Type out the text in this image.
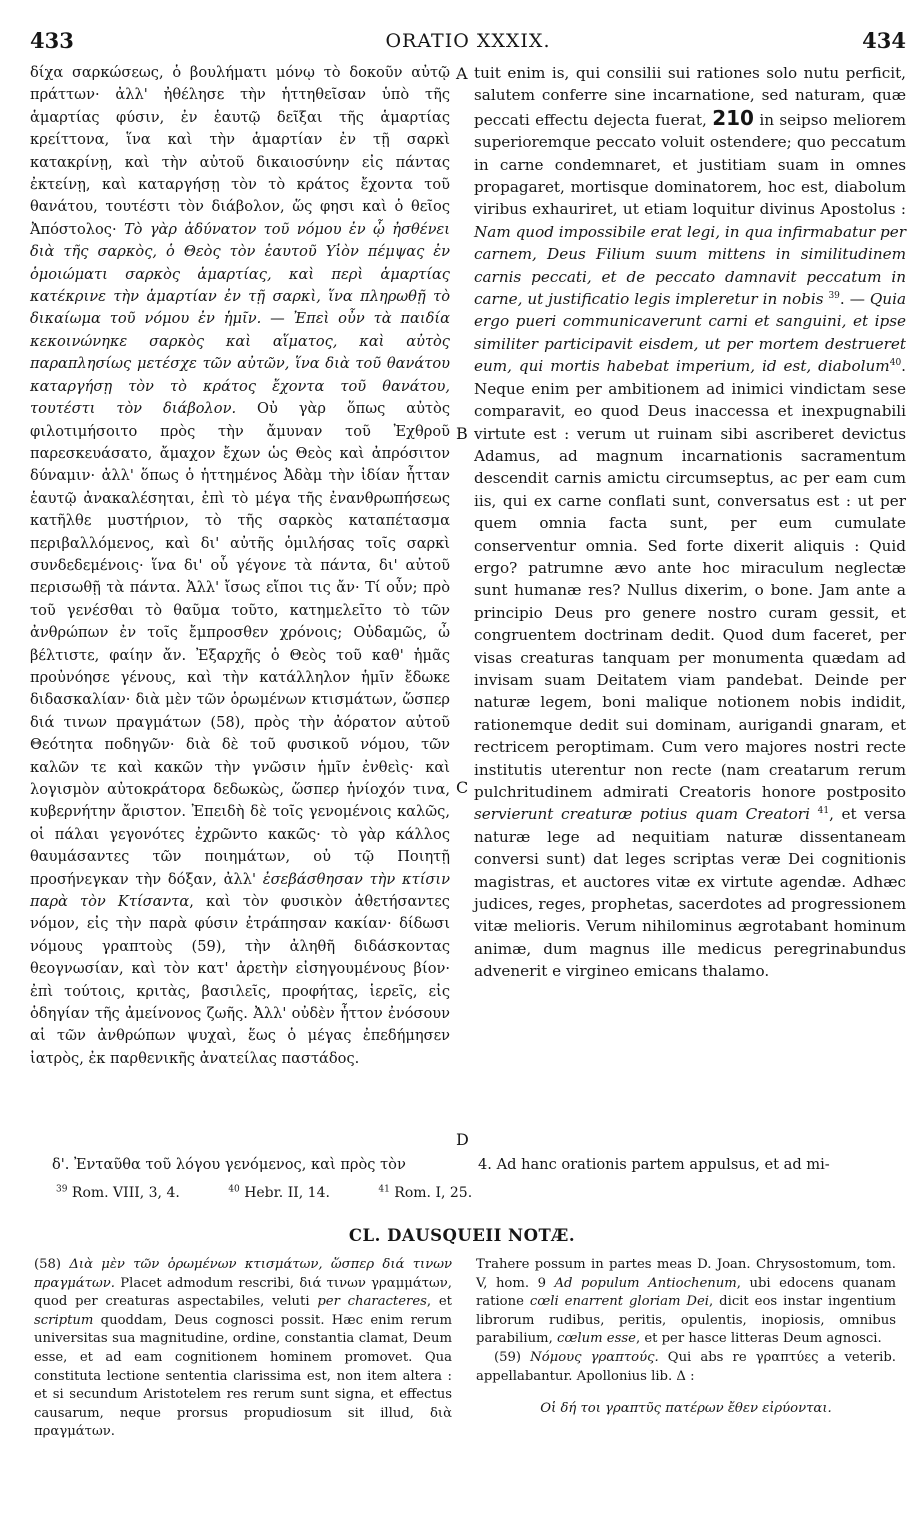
433	ORATIO XXXIX.	434

δίχα σαρκώσεως, ὁ βουλήματι μόνῳ τὸ δοκοῦν αὐτῷ πράττων· ἀλλ' ἠθέλησε τὴν ἡττηθεῖσαν ὑπὸ τῆς ἁμαρτίας φύσιν, ἐν ἑαυτῷ δεῖξαι τῆς ἁμαρτίας κρείττονα, ἵνα καὶ τὴν ἁμαρτίαν ἐν τῇ σαρκὶ κατακρίνῃ, καὶ τὴν αὐτοῦ δικαιοσύνην εἰς πάντας ἐκτείνῃ, καὶ καταργήσῃ τὸν τὸ κράτος ἔχοντα τοῦ θανάτου, τουτέστι τὸν διάβολον, ὥς φησι καὶ ὁ θεῖος Ἀπόστολος· Τὸ γὰρ ἀδύνατον τοῦ νόμου ἐν ᾧ ἠσθένει διὰ τῆς σαρκὸς, ὁ Θεὸς τὸν ἑαυτοῦ Υἱὸν πέμψας ἐν ὁμοιώματι σαρκὸς ἁμαρτίας, καὶ περὶ ἁμαρτίας κατέκρινε τὴν ἁμαρτίαν ἐν τῇ σαρκὶ, ἵνα πληρωθῇ τὸ δικαίωμα τοῦ νόμου ἐν ἡμῖν. — Ἐπεὶ οὖν τὰ παιδία κεκοινώνηκε σαρκὸς καὶ αἵματος, καὶ αὐτὸς παραπλησίως μετέσχε τῶν αὐτῶν, ἵνα διὰ τοῦ θανάτου καταργήσῃ τὸν τὸ κράτος ἔχοντα τοῦ θανάτου, τουτέστι τὸν διάβολον. Οὐ γὰρ ὅπως αὐτὸς φιλοτιμήσοιτο πρὸς τὴν ἄμυναν τοῦ Ἐχθροῦ παρεσκευάσατο, ἄμαχον ἔχων ὡς Θεὸς καὶ ἀπρόσιτον δύναμιν· ἀλλ' ὅπως ὁ ἡττημένος Ἀδὰμ τὴν ἰδίαν ἧτταν ἑαυτῷ ἀνακαλέσηται, ἐπὶ τὸ μέγα τῆς ἐνανθρωπήσεως κατῆλθε μυστήριον, τὸ τῆς σαρκὸς καταπέτασμα περιβαλλόμενος, καὶ δι' αὐτῆς ὁμιλήσας τοῖς σαρκὶ συνδεδεμένοις· ἵνα δι' οὗ γέγονε τὰ πάντα, δι' αὐτοῦ περισωθῇ τὰ πάντα. Ἀλλ' ἴσως εἴποι τις ἄν· Τί οὖν; πρὸ τοῦ γενέσθαι τὸ θαῦμα τοῦτο, κατημελεῖτο τὸ τῶν ἀνθρώπων ἐν τοῖς ἔμπροσθεν χρόνοις; Οὐδαμῶς, ὦ βέλτιστε, φαίην ἄν. Ἐξαρχῆς ὁ Θεὸς τοῦ καθ' ἡμᾶς προὐνόησε γένους, καὶ τὴν κατάλληλον ἡμῖν ἔδωκε διδασκαλίαν· διὰ μὲν τῶν ὁρωμένων κτισμάτων, ὥσπερ διά τινων πραγμάτων (58), πρὸς τὴν ἀόρατον αὐτοῦ Θεότητα ποδηγῶν· διὰ δὲ τοῦ φυσικοῦ νόμου, τῶν καλῶν τε καὶ κακῶν τὴν γνῶσιν ἡμῖν ἐνθεὶς· καὶ λογισμὸν αὐτοκράτορα δεδωκὼς, ὥσπερ ἡνίοχόν τινα, κυβερνήτην ἄριστον. Ἐπειδὴ δὲ τοῖς γενομένοις καλῶς, οἱ πάλαι γεγονότες ἐχρῶντο κακῶς· τὸ γὰρ κάλλος θαυμάσαντες τῶν ποιημάτων, οὐ τῷ Ποιητῇ προσήνεγκαν τὴν δόξαν, ἀλλ' ἐσεβάσθησαν τὴν κτίσιν παρὰ τὸν Κτίσαντα, καὶ τὸν φυσικὸν ἀθετήσαντες νόμον, εἰς τὴν παρὰ φύσιν ἐτράπησαν κακίαν· δίδωσι νόμους γραπτοὺς (59), τὴν ἀληθῆ διδάσκοντας θεογνωσίαν, καὶ τὸν κατ' ἀρετὴν εἰσηγουμένους βίον· ἐπὶ τούτοις, κριτὰς, βασιλεῖς, προφήτας, ἱερεῖς, εἰς ὁδηγίαν τῆς ἀμείνονος ζωῆς. Ἀλλ' οὐδὲν ἧττον ἐνόσουν αἱ τῶν ἀνθρώπων ψυχαὶ, ἕως ὁ μέγας ἐπεδήμησεν ἰατρὸς, ἐκ παρθενικῆς ἀνατείλας παστάδος.

δ'. Ἐνταῦθα τοῦ λόγου γενόμενος, καὶ πρὸς τὸν

tuit enim is, qui consilii sui rationes solo nutu perficit, salutem conferre sine incarnatione, sed naturam, quæ peccati effectu dejecta fuerat, 210 in seipso meliorem superioremque peccato voluit ostendere; quo peccatum in carne condemnaret, et justitiam suam in omnes propagaret, mortisque dominatorem, hoc est, diabolum viribus exhauriret, ut etiam loquitur divinus Apostolus : Nam quod impossibile erat legi, in qua infirmabatur per carnem, Deus Filium suum mittens in similitudinem carnis peccati, et de peccato damnavit peccatum in carne, ut justificatio legis impleretur in nobis $^{39}$. — Quia ergo pueri communicaverunt carni et sanguini, et ipse similiter participavit eisdem, ut per mortem destrueret eum, qui mortis habebat imperium, id est, diabolum$^{40}$. Neque enim per ambitionem ad inimici vindictam sese comparavit, eo quod Deus inaccessa et inexpugnabili virtute est : verum ut ruinam sibi ascriberet devictus Adamus, ad magnum incarnationis sacramentum descendit carnis amictu circumseptus, ac per eam cum iis, qui ex carne conflati sunt, conversatus est : ut per quem omnia facta sunt, per eum cumulate conserventur omnia. Sed forte dixerit aliquis : Quid ergo? patrumne ævo ante hoc miraculum neglectæ sunt humanæ res? Nullus dixerim, o bone. Jam ante a principio Deus pro genere nostro curam gessit, et congruentem doctrinam dedit. Quod dum faceret, per visas creaturas tanquam per monumenta quædam ad invisam suam Deitatem viam pandebat. Deinde per naturæ legem, boni malique notionem nobis indidit, rationemque dedit sui dominam, aurigandi gnaram, et rectricem peroptimam. Cum vero majores nostri recte institutis uterentur non recte (nam creatarum rerum pulchritudinem admirati Creatoris honore postposito servierunt creaturæ potius quam Creatori $^{41}$, et versa naturæ lege ad nequitiam naturæ dissentaneam conversi sunt) dat leges scriptas veræ Dei cognitionis magistras, et auctores vitæ ex virtute agendæ. Adhæc judices, reges, prophetas, sacerdotes ad progressionem vitæ melioris. Verum nihilominus ægrotabant hominum animæ, dum magnus ille medicus peregrinabundus advenerit e virgineo emicans thalamo.

4. Ad hanc orationis partem appulsus, et ad mi-
A
B
C
D
$^{39}$ Rom. VIII, 3, 4.	$^{40}$ Hebr. II, 14.	$^{41}$ Rom. I, 25.
CL. DAUSQUEII NOTÆ.

(58) Διὰ μὲν τῶν ὁρωμένων κτισμάτων, ὥσπερ διά τινων πραγμάτων. Placet admodum rescribi, διά τινων γραμμάτων, quod per creaturas aspectabiles, veluti per characteres, et scriptum quoddam, Deus cognosci possit. Hæc enim rerum universitas sua magnitudine, ordine, constantia clamat, Deum esse, et ad eam cognitionem hominem promovet. Qua constituta lectione sententia clarissima est, non item altera : et si secundum Aristotelem res rerum sunt signa, et effectus causarum, neque prorsus propudiosum sit illud, διὰ πραγμάτων.

Trahere possum in partes meas D. Joan. Chrysostomum, tom. V, hom. 9 Ad populum Antiochenum, ubi edocens quanam ratione cœli enarrent gloriam Dei, dicit eos instar ingentium librorum rudibus, peritis, opulentis, inopiosis, omnibus parabilium, cœlum esse, et per hasce litteras Deum agnosci.

(59) Νόμους γραπτούς. Qui abs re γραπτύες a veterib. appellabantur. Apollonius lib. Δ :

Οἱ δή τοι γραπτῦς πατέρων ἔθεν εἰρύονται.
